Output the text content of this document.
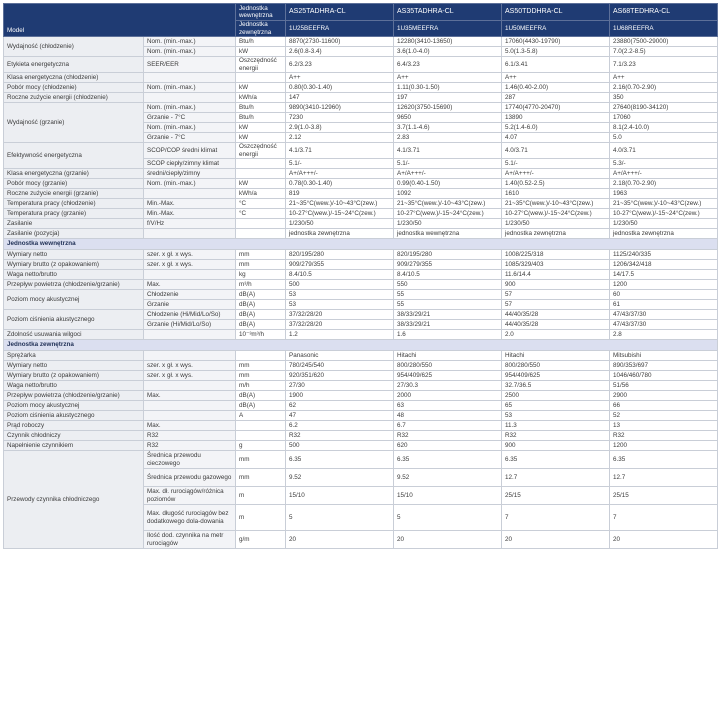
Model		Jednostka wewnętrzna	AS25TADHRA-CL	AS35TADHRA-CL	AS50TDDHRA-CL	AS68TEDHRA-CL
		Jednostka zewnętrzna	1U25BEEFRA	1U35MEEFRA	1U50MEEFRA	1U68REEFRA
Wydajność (chłodzenie)	Nom. (min.-max.)	Btu/h	8870(2730-11600)	12280(3410-13650)	17060(4430-19790)	23880(7500-29000)
	Nom. (min.-max.)	kW	2.6(0.8-3.4)	3.6(1.0-4.0)	5.0(1.3-5.8)	7.0(2.2-8.5)
Etykieta energetyczna	SEER/EER	Oszczędność energii	6.2/3.23	6.4/3.23	6.1/3.41	7.1/3.23
Klasa energetyczna (chłodzenie)			A++	A++	A++	A++
Pobór mocy (chłodzenie)	Nom. (min.-max.)	kW	0.80(0.30-1.40)	1.11(0.30-1.50)	1.46(0.40-2.00)	2.16(0.70-2.90)
Roczne zużycie energii (chłodzenie)		kWh/a	147	197	287	350
Wydajność (grzanie)	Nom. (min.-max.)	Btu/h	9890(3410-12960)	12620(3750-15690)	17740(4770-20470)	27640(8190-34120)
	Grzanie - 7°C	Btu/h	7230	9650	13890	17060
	Nom. (min.-max.)	kW	2.9(1.0-3.8)	3.7(1.1-4.6)	5.2(1.4-6.0)	8.1(2.4-10.0)
	Grzanie - 7°C	kW	2.12	2.83	4.07	5.0
Efektywność energetyczna	SCOP/COP średni klimat	Oszczędność energii	4.1/3.71	4.1/3.71	4.0/3.71	4.0/3.71
	SCOP ciepły/zimny klimat		5.1/-	5.1/-	5.1/-	5.3/-
Klasa energetyczna (grzanie)	średni/ciepły/zimny		A+/A+++/-	A+/A+++/-	A+/A+++/-	A+/A+++/-
Pobór mocy (grzanie)	Nom. (min.-max.)	kW	0.78(0.30-1.40)	0.99(0.40-1.50)	1.40(0.52-2.5)	2.18(0.70-2.90)
Roczne zużycie energii (grzanie)		kWh/a	819	1092	1610	1963
Temperatura pracy (chłodzenie)	Min.-Max.	°C	21~35°C(wew.)/-10~43°C(zew.)	21~35°C(wew.)/-10~43°C(zew.)	21~35°C(wew.)/-10~43°C(zew.)	21~35°C(wew.)/-10~43°C(zew.)
Temperatura pracy (grzanie)	Min.-Max.	°C	10-27°C(wew.)/-15~24°C(zew.)	10-27°C(wew.)/-15~24°C(zew.)	10-27°C(wew.)/-15~24°C(zew.)	10-27°C(wew.)/-15~24°C(zew.)
Zasilanie	f/V/Hz		1/230/50	1/230/50	1/230/50	1/230/50
Zasilanie (pozycja)			jednostka zewnętrzna	jednostka wewnętrzna	jednostka zewnętrzna	jednostka zewnętrzna
Jednostka wewnętrzna						
Wymiary netto	szer. x gł. x wys.	mm	820/195/280	820/195/280	1008/225/318	1125/240/335
Wymiary brutto (z opakowaniem)	szer. x gł. x wys.	mm	909/279/355	909/279/355	1085/329/403	1206/342/418
Waga netto/brutto		kg	8.4/10.5	8.4/10.5	11.6/14.4	14/17.5
Przepływ powietrza (chłodzenie/grzanie)	Max.	m³/h	500	550	900	1200
Poziom mocy akustycznej	Chłodzenie	dB(A)	53	55	57	60
	Grzanie	dB(A)	53	55	57	61
Poziom ciśnienia akustycznego	Chłodzenie (Hi/Mid/Lo/So)	dB(A)	37/32/28/20	38/33/29/21	44/40/35/28	47/43/37/30
	Grzanie (Hi/Mid/Lo/So)	dB(A)	37/32/28/20	38/33/29/21	44/40/35/28	47/43/37/30
Zdolność usuwania wilgoci		10⁻³m³/h	1.2	1.6	2.0	2.8
Jednostka zewnętrzna						
Sprężarka			Panasonic	Hitachi	Hitachi	Mitsubishi
Wymiary netto	szer. x gł. x wys.	mm	780/245/540	800/280/550	800/280/550	890/353/697
Wymiary brutto (z opakowaniem)	szer. x gł. x wys.	mm	920/351/620	954/409/625	954/409/625	1046/460/780
Waga netto/brutto		m/h	27/30	27/30.3	32.7/36.5	51/56
Przepływ powietrza (chłodzenie/grzanie)	Max.	dB(A)	1900	2000	2500	2900
Poziom mocy akustycznej		dB(A)	62	63	65	66
Poziom ciśnienia akustycznego		A	47	48	53	52
Prąd roboczy	Max.		6.2	6.7	11.3	13
Czynnik chłodniczy	R32		R32	R32	R32	R32
Napełnienie czynnikiem	R32	g	500	620	900	1200
Przewody czynnika chłodniczego	Średnica przewodu cieczowego	mm	6.35	6.35	6.35	6.35
	Średnica przewodu gazowego	mm	9.52	9.52	12.7	12.7
	Max. dł. rurociągów/różnica poziomów	m	15/10	15/10	25/15	25/15
	Max. długość rurociągów bez dodatkowego dola-dowania	m	5	5	7	7
	Ilość dod. czynnika na metr rurociągów	g/m	20	20	20	20
